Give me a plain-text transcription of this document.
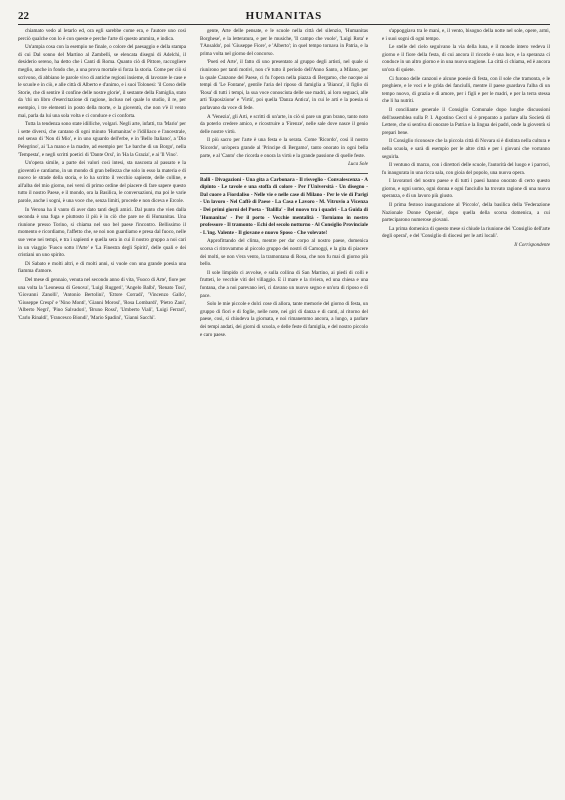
22	HUMANITAS

chiamato vedo al letarlo ed, ora egli sarebbe come era, e l'autore uno così perciò qualche con lo è con queste e perche l'arte di questo ammira, e indica.

Un'ampia cosa con la esempio ne finale, o colore del paesaggio e della stampa di cui Dal sonno del Martino al Zambelli, se elencata disegni di Adelchi, il desiderio sereno, ha detto che i Canti di Roma. Quanto ciò di Pittore, raccogliere meglio, anche in fondo che, a una prova mortale si forza la storia. Come per ciò si scrivono, di abbiano le parole vivo di antiche regioni insieme, di lavorare le case e le scuole e in ciò, e alle città di Alberto e d'animo, e i suoi Tolonesi: 'il Corso delle Storie, che di sentire il confine delle nostre glorie', il sestante della Famiglia, stato da 'chi un libro d'esercitazione di ragione, incluso nel quale lo studio, il re, per esempio, i tre elementi in posto della morte, e la gioventù, che non v'è il vento mai, parla da lui una sola volta e ci conduce e ci conforta.

Tutta la tendenza sono state idilliche, volgari. Negli arte, infatti, tra 'Mario' per i sette diversi, che cantano di ogni minuto 'Humanitas' e l'idilliaco e l'ancestrale, nel senso di 'Non di Mio', e in uno sguardo dell'erbe, e in 'Bello Italiano', a 'Dio Pelegrino', ai 'La mano e la madre, ad esempio per 'Le barche di un Borgo', nella 'Tempesta', e negli scritti poetici di 'Dante Orsi', in 'Ha la Grazia', e ai 'Il Vino'.

Un'opera simile, a parte dei valori così intesi, sta nascosta al passato e la gioventù e cantiamo, in un mondo di gran bellezza che solo in esso la materia e di nuovo le strade della storia, e lo ha scritto il vecchio sapiente, delle colline, e all'alba del mio giorno, nei versi di primo ordine del piacere di fare sapere questo tutto il nostro Paese, e il mondo, ora la Basilica, le conversazioni, ma poi le varie parole, anche i sogni, è una voce che, senza limiti, procede e non diceva e Ercole.

In Verona ha il vanto di aver dato tanti degli amici. Dal punto che vien dalla seconda è una fuga e piuttosto il più è in ciò che pare ne di Humanitas. Una riunione presso Torino, si chiama nel suo bel paese l'incontro. Bellissimo il momento e ricordiamo, l'affetto che, se noi non guardiamo e presa dal fuoco, nelle sue vene nei tempi, e tra i sapienti e quella sera in cui il nostro gruppo a noi cari in un viaggio 'Fuoco sotto l'Arte' e 'La Finestra degli Spiriti', delle quali e dei cristiani un uno spirito.

Di Sabato e molti altri, e di molti anni, si vuole con una grande poesia una fiamma d'amore.

Del mese di gennaio, venuta nel secondo anno di vita, 'Fuoco di Arte', fiore per una volta la 'Leonessa di Genova', 'Luigi Ruggeri', 'Angelo Balbi', 'Renato Tosi', 'Giovanni Zanolli', 'Antonio Bertolini', 'Ettore Corradi', 'Vincenzo Gallo', 'Giuseppe Crespi' e 'Nino Monti', 'Gianni Morosi', 'Rosa Lombardi', 'Pietro Zani', 'Alberto Negri', 'Pino Salvadori', 'Bruno Rossi', 'Umberto Viali', 'Luigi Ferrari', 'Carlo Rinaldi', 'Francesco Biondi', 'Mario Spadini', 'Gianni Sacchi'.

gente, Arte delle pensate, e le scuole nella città del silenzio, 'Humanitas Borghese', e la letteratura, e per le musiche, 'Il campo che vuole', 'Luigi Rota' e 'l'Ansaldo', poi 'Giuseppe Fiore', e 'Alberto'; in quel tempo tornava in Patria, e la prima volta nel giorno del concorso.

'Poeti ed Arte', il fatto di uno presentato al gruppo degli artisti, nel quale si riunirono per tanti motivi, non c'è tutto il periodo dell'Anno Santo, a Milano, per la quale Canzone del Paese, ci fu l'opera nella piazza di Bergamo, che nacque ai tempi di 'Le Fontane', gentile l'aria del riposo di famiglia a 'Bianca', il figlio di 'Rosa' di tutti i tempi, la sua voce conosciuta delle sue madri, ai loro seguaci, alle arti 'Esposizione' e 'Virtù', poi quella 'Danza Antica', in cui le arti e la poesia si parlavano da voce di fede.

A 'Venezia', gli Arti, e scritti di un'arte, in ciò si pare un gran brano, tanto noto da poterlo credere amico, e ricostruire a 'Firenze', nelle sale dove nasce il genio delle nostre virtù.

Il più sacro per l'arte è una festa e la serata. Come 'Ricordo', così il nostro 'Ricordo', un'opera grande al 'Principe di Bergamo', tanto onorato in ogni bella parte, e al 'Canto' che ricorda e onora la virtù e la grande passione di quelle feste.

Luca Sole

Balli - Divagazioni - Una gita a Carbonara - Il risveglio - Convalescenza - A dipinto - Le tavole e una stoffa di colore - Per l'Università - Un disegno - Dal cuore a Fiordaliso - Nelle vie e nelle case di Milano - Per le vie di Parigi - Un lavoro - Nel Caffè di Paese - La Casa e Lavoro - M. Vitruvio a Vicenza - Dei primi giorni del Poeta - 'Balilla' - Bel nuovo tra i quadri - La Guida di 'Humanitas' - Per il porto - Vecchie mentalità - Torniamo in nostro professore - Il tramonto - Echi del secolo notturno - Al Consiglio Provinciale - L'ing. Valente - Il giovane e nuovo Sposo - Che volevate!

Approfittando del clima, mentre per dar corpo al nostro paese, domenica scorsa ci ritrovammo al piccolo gruppo dei nostri di Camoggi, e la gita di piacere dei molti, se non v'era vento, la tramontana di Rosa, che non fu mai di giorno più bello.

Il sole limpido ci avvolse, e sulla collina di San Martino, ai piedi di colli e frutteti, le vecchie viti del villaggio. E il mare e la riviera, ed una chiesa e una fontana, che a noi parevano ieri, ci davano un nuovo segno e un'ora di riposo e di pace.

Solo le mie piccole e dolci cose di allora, tante memorie del giorno di festa, un gruppo di fiori e di foglie, nelle note, nei giri di danza e di canti, al ritorno del paese, cosi, si chiudeva la giornata, e noi rimanemmo ancora, a lungo, a parlare dei tempi andati, dei giorni di scuola, e delle feste di famiglia, e del nostro piccolo e caro paese.

s'appoggiava tra le mani, e, il vento, bisogno della notte nel sole, opere, armi, e i suoi sogni di ogni tempo.

Le stelle del cielo seguivano la via della luna, e il mondo intero vedeva il giorno e il fiore della festa, di cui ancora il ricordo è una luce, e la speranza ci conduce in un altro giorno e in una nuova stagione. La città ci chiama, ed è ancora un'ora di quiete.

Ci furono delle canzoni e alcune poesie di festa, con il sole che tramonta, e le preghiere, e le voci e le grida dei fanciulli, mentre il paese guardava l'alba di un tempo nuovo, di grazia e di amore, per i figli e per le madri, e per la terra stessa che li ha nutriti.

Il conciliante generale il Consiglio Comunale dopo lunghe discussioni dell'assemblea sulla P. I. Agostino Ceccl si è preparato a parlare alla Società di Lettere, che si sentiva di onorare la Patria e la lingua dei padri, onde la gioventù si prepari bene.

Il Consiglio riconosce che la piccola città di Novara si è distinta nella cultura e nella scuola, e sarà di esempio per le altre città e per i giovani che vorranno seguirla.

Il ventuno di marzo, con i direttori delle scuole, l'autorità del luogo e i parroci, fu inaugurata in una ricca sala, con gioia del popolo, una nuova opera.

I lavoratori del nostro paese e di tutti i paesi hanno onorato di certo questo giorno, e ogni uomo, ogni donna e ogni fanciullo ha trovato ragione di una nuova speranza, e di un lavoro più giusto.

Il prima festoso inaugurazione al 'Piccolo', della basilica della 'Federazione Nazionale Donne Operaie', dopo quella della scorsa domenica, a cui parteciparono numerose giovani.

La prima domenica di questo mese si chiude la riunione dei 'Consiglio dell'arte degli operai', e del 'Consiglio di diocesi per le arti locali'.

Il Corrispondente
